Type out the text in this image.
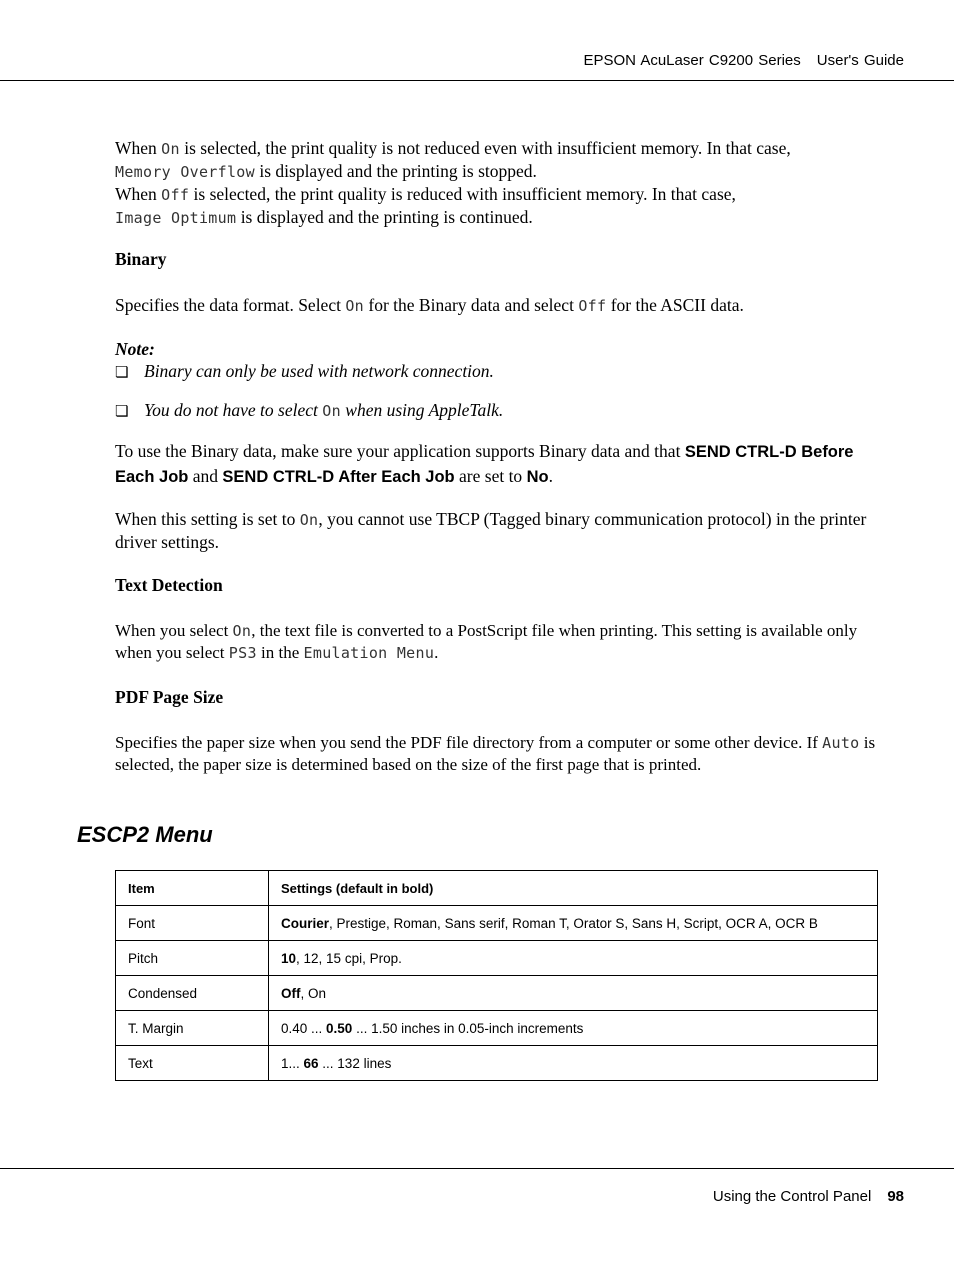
EPSON AcuLaser C9200 Series User's Guide

When On is selected, the print quality is not reduced even with insufficient memory. In that case,
Memory Overflow is displayed and the printing is stopped.
When Off is selected, the print quality is reduced with insufficient memory. In that case,
Image Optimum is displayed and the printing is continued.

Binary
Specifies the data format. Select On for the Binary data and select Off for the ASCII data.
Note:
❏ Binary can only be used with network connection.
❏ You do not have to select On when using AppleTalk.
To use the Binary data, make sure your application supports Binary data and that SEND CTRL-D Before Each Job and SEND CTRL-D After Each Job are set to No.
When this setting is set to On, you cannot use TBCP (Tagged binary communication protocol) in the printer driver settings.
Text Detection
When you select On, the text file is converted to a PostScript file when printing. This setting is available only when you select PS3 in the Emulation Menu.
PDF Page Size
Specifies the paper size when you send the PDF file directory from a computer or some other device. If Auto is selected, the paper size is determined based on the size of the first page that is printed.
ESCP2 Menu
Item	Settings (default in bold)
Font	Courier, Prestige, Roman, Sans serif, Roman T, Orator S, Sans H, Script, OCR A, OCR B
Pitch	10, 12, 15 cpi, Prop.
Condensed	Off, On
T. Margin	0.40 ... 0.50 ... 1.50 inches in 0.05-inch increments
Text	1... 66 ... 132 lines
Using the Control Panel 98
